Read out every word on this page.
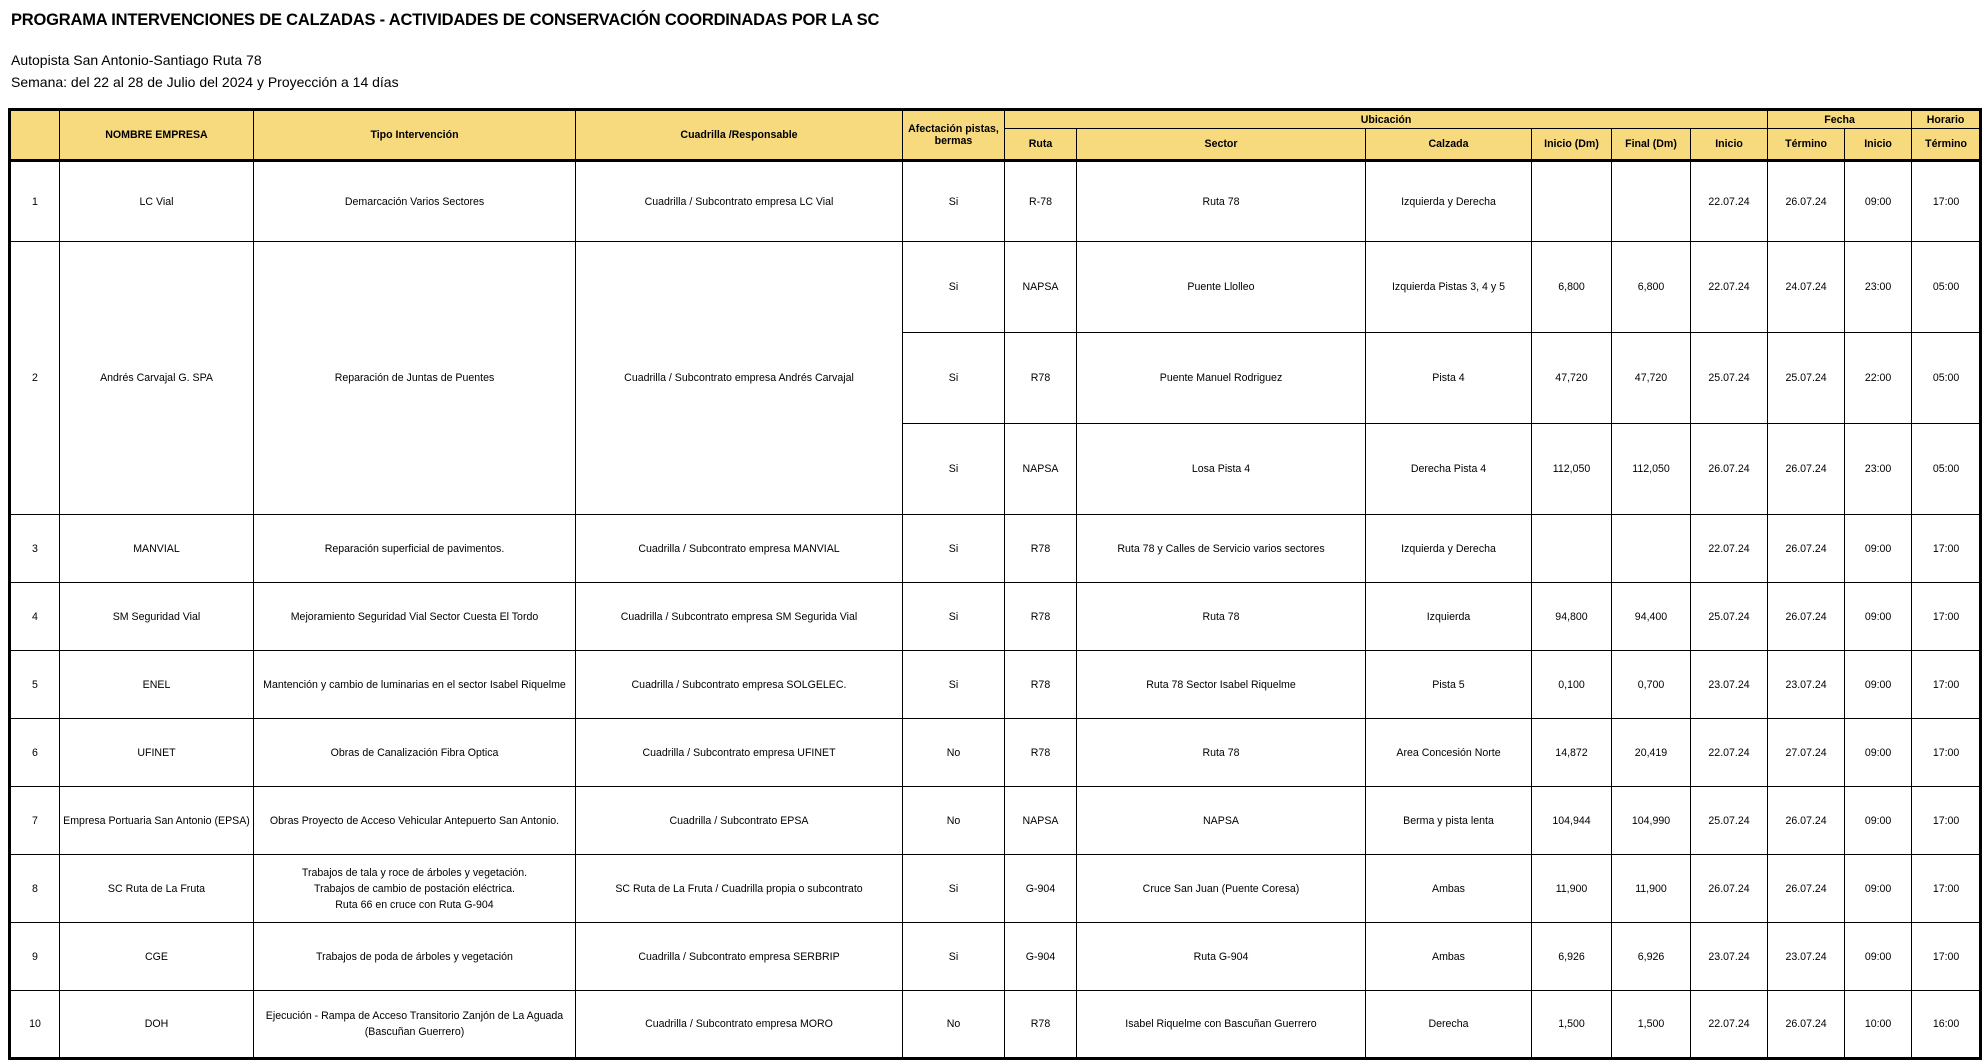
PROGRAMA INTERVENCIONES DE CALZADAS - ACTIVIDADES DE CONSERVACIÓN COORDINADAS POR LA SC
Autopista San Antonio-Santiago Ruta 78
Semana: del 22 al 28 de Julio del 2024 y Proyección a 14 días
	NOMBRE EMPRESA	Tipo Intervención	Cuadrilla /Responsable	Afectación pistas, bermas	Ubicación						Fecha		Horario
					Ruta	Sector	Calzada	Inicio (Dm)	Final (Dm)	Inicio	Término	Inicio	Término
1	LC Vial	Demarcación Varios Sectores	Cuadrilla / Subcontrato empresa LC Vial	Si	R-78	Ruta 78	Izquierda y Derecha			22.07.24	26.07.24	09:00	17:00
2	Andrés Carvajal G. SPA	Reparación de Juntas de Puentes	Cuadrilla / Subcontrato empresa Andrés Carvajal	Si	NAPSA	Puente Llolleo	Izquierda Pistas 3, 4 y 5	6,800	6,800	22.07.24	24.07.24	23:00	05:00
				Si	R78	Puente Manuel Rodriguez	Pista 4	47,720	47,720	25.07.24	25.07.24	22:00	05:00
				Si	NAPSA	Losa Pista 4	Derecha Pista 4	112,050	112,050	26.07.24	26.07.24	23:00	05:00
3	MANVIAL	Reparación superficial de pavimentos.	Cuadrilla / Subcontrato empresa MANVIAL	Si	R78	Ruta 78 y Calles de Servicio varios sectores	Izquierda y Derecha			22.07.24	26.07.24	09:00	17:00
4	SM Seguridad Vial	Mejoramiento Seguridad Vial Sector Cuesta El Tordo	Cuadrilla / Subcontrato empresa SM Segurida Vial	Si	R78	Ruta 78	Izquierda	94,800	94,400	25.07.24	26.07.24	09:00	17:00
5	ENEL	Mantención y cambio de luminarias en el sector Isabel Riquelme	Cuadrilla / Subcontrato empresa SOLGELEC.	Si	R78	Ruta 78 Sector Isabel Riquelme	Pista 5	0,100	0,700	23.07.24	23.07.24	09:00	17:00
6	UFINET	Obras de Canalización Fibra Optica	Cuadrilla / Subcontrato empresa UFINET	No	R78	Ruta 78	Area Concesión Norte	14,872	20,419	22.07.24	27.07.24	09:00	17:00
7	Empresa Portuaria San Antonio (EPSA)	Obras Proyecto de Acceso Vehicular Antepuerto San Antonio.	Cuadrilla / Subcontrato EPSA	No	NAPSA	NAPSA	Berma y pista lenta	104,944	104,990	25.07.24	26.07.24	09:00	17:00
8	SC Ruta de La Fruta	Trabajos de tala y roce de árboles y vegetación.
Trabajos de cambio de postación eléctrica.
Ruta 66 en cruce con Ruta G-904	SC Ruta de La Fruta / Cuadrilla propia o subcontrato	Si	G-904	Cruce San Juan (Puente Coresa)	Ambas	11,900	11,900	26.07.24	26.07.24	09:00	17:00
9	CGE	Trabajos de poda de árboles y vegetación	Cuadrilla / Subcontrato empresa SERBRIP	Si	G-904	Ruta G-904	Ambas	6,926	6,926	23.07.24	23.07.24	09:00	17:00
10	DOH	Ejecución - Rampa de Acceso Transitorio Zanjón de La Aguada
(Bascuñan Guerrero)	Cuadrilla / Subcontrato empresa MORO	No	R78	Isabel Riquelme con Bascuñan Guerrero	Derecha	1,500	1,500	22.07.24	26.07.24	10:00	16:00
